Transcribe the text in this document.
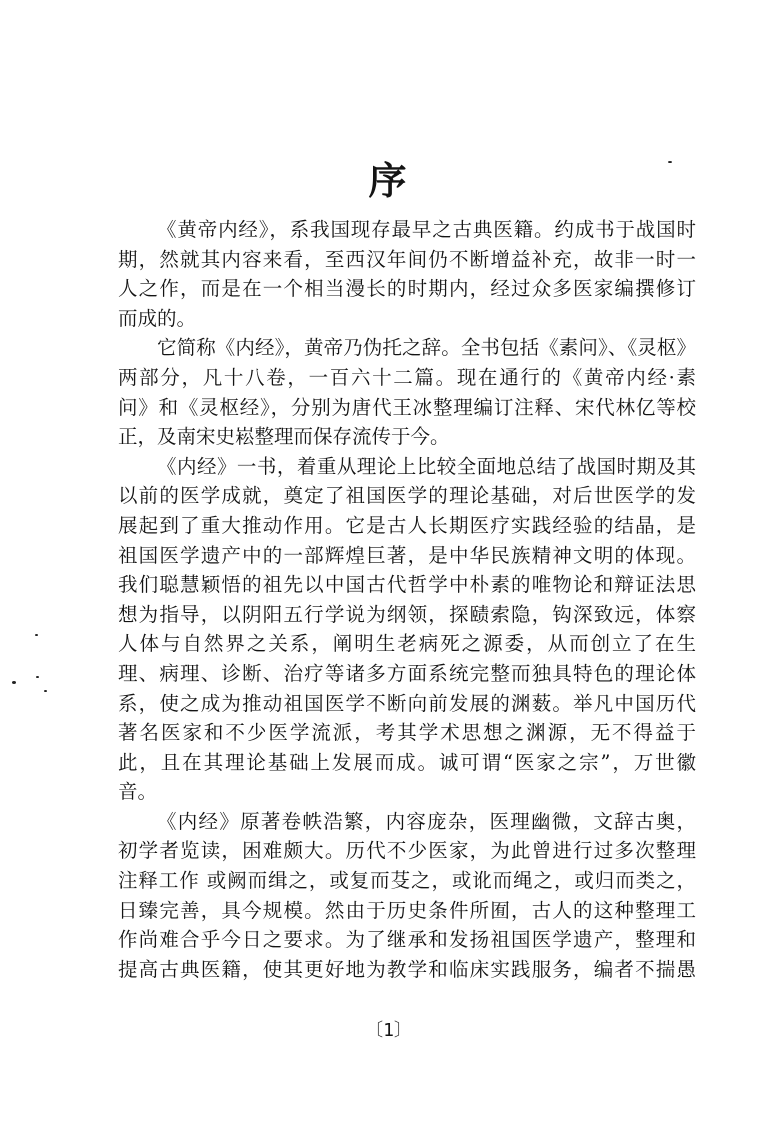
序
《黄帝内经》，系我国现存最早之古典医籍。约成书于战国时
期，然就其内容来看，至西汉年间仍不断增益补充，故非一时一
人之作，而是在一个相当漫长的时期内，经过众多医家编撰修订
而成的。
它简称《内经》，黄帝乃伪托之辞。全书包括《素问》、《灵枢》
两部分，凡十八卷，一百六十二篇。现在通行的《黄帝内经·素
问》和《灵枢经》，分别为唐代王冰整理编订注释、宋代林亿等校
正，及南宋史崧整理而保存流传于今。
《内经》一书，着重从理论上比较全面地总结了战国时期及其
以前的医学成就，奠定了祖国医学的理论基础，对后世医学的发
展起到了重大推动作用。它是古人长期医疗实践经验的结晶，是
祖国医学遗产中的一部辉煌巨著，是中华民族精神文明的体现。
我们聪慧颖悟的祖先以中国古代哲学中朴素的唯物论和辩证法思
想为指导，以阴阳五行学说为纲领，探赜索隐，钩深致远，体察
人体与自然界之关系，阐明生老病死之源委，从而创立了在生
理、病理、诊断、治疗等诸多方面系统完整而独具特色的理论体
系，使之成为推动祖国医学不断向前发展的渊薮。举凡中国历代
著名医家和不少医学流派，考其学术思想之渊源，无不得益于
此，且在其理论基础上发展而成。诚可谓“医家之宗”，万世徽
音。
《内经》原著卷帙浩繁，内容庞杂，医理幽微，文辞古奥，
初学者览读，困难颇大。历代不少医家，为此曾进行过多次整理
注释工作 或阙而缉之，或复而芟之，或讹而绳之，或归而类之，
日臻完善，具今规模。然由于历史条件所囿，古人的这种整理工
作尚难合乎今日之要求。为了继承和发扬祖国医学遗产，整理和
提高古典医籍，使其更好地为教学和临床实践服务，编者不揣愚
〔1〕
